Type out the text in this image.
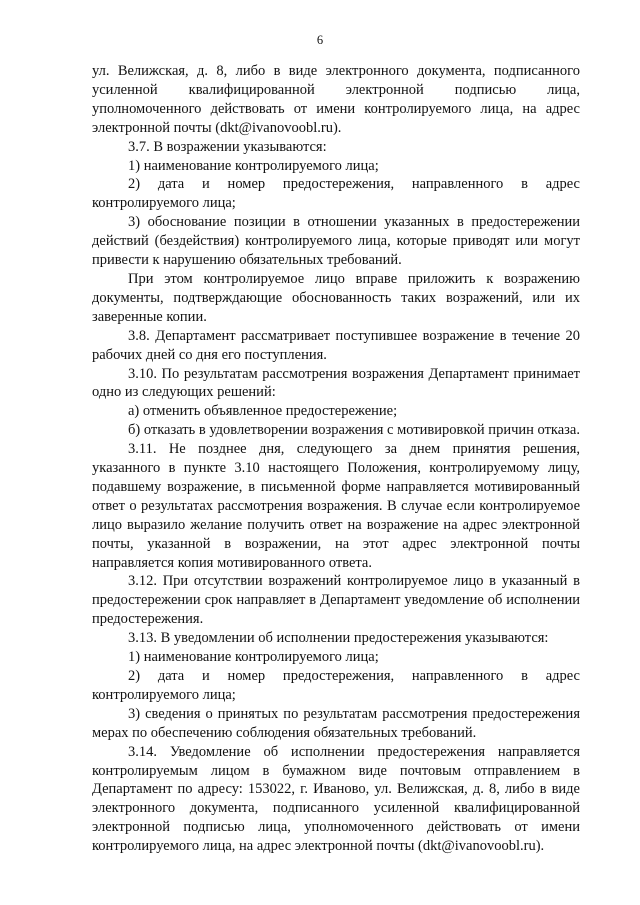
6

ул. Велижская, д. 8, либо в виде электронного документа, подписанного усиленной квалифицированной электронной подписью лица, уполномоченного действовать от имени контролируемого лица, на адрес электронной почты (dkt@ivanovoobl.ru).

3.7. В возражении указываются:

1) наименование контролируемого лица;

2) дата и номер предостережения, направленного в адрес контролируемого лица;

3) обоснование позиции в отношении указанных в предостережении действий (бездействия) контролируемого лица, которые приводят или могут привести к нарушению обязательных требований.

При этом контролируемое лицо вправе приложить к возражению документы, подтверждающие обоснованность таких возражений, или их заверенные копии.

3.8. Департамент рассматривает поступившее возражение в течение 20 рабочих дней со дня его поступления.

3.10. По результатам рассмотрения возражения Департамент принимает одно из следующих решений:

а) отменить объявленное предостережение;

б) отказать в удовлетворении возражения с мотивировкой причин отказа.

3.11. Не позднее дня, следующего за днем принятия решения, указанного в пункте 3.10 настоящего Положения, контролируемому лицу, подавшему возражение, в письменной форме направляется мотивированный ответ о результатах рассмотрения возражения. В случае если контролируемое лицо выразило желание получить ответ на возражение на адрес электронной почты, указанной в возражении, на этот адрес электронной почты направляется копия мотивированного ответа.

3.12. При отсутствии возражений контролируемое лицо в указанный в предостережении срок направляет в Департамент уведомление об исполнении предостережения.

3.13. В уведомлении об исполнении предостережения указываются:

1) наименование контролируемого лица;

2) дата и номер предостережения, направленного в адрес контролируемого лица;

3) сведения о принятых по результатам рассмотрения предостережения мерах по обеспечению соблюдения обязательных требований.

3.14. Уведомление об исполнении предостережения направляется контролируемым лицом в бумажном виде почтовым отправлением в Департамент по адресу: 153022, г. Иваново, ул. Велижская, д. 8, либо в виде электронного документа, подписанного усиленной квалифицированной электронной подписью лица, уполномоченного действовать от имени контролируемого лица, на адрес электронной почты (dkt@ivanovoobl.ru).
